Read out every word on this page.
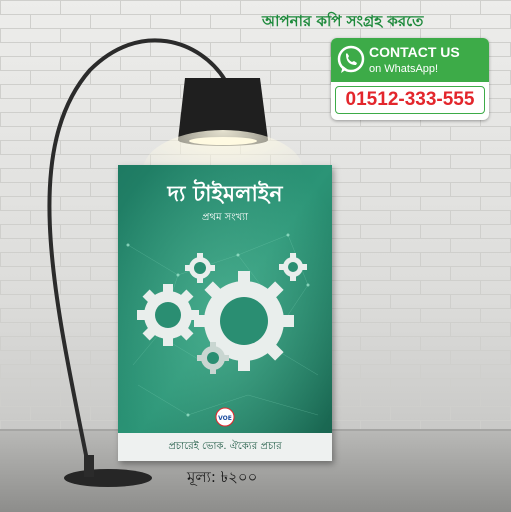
আপনার কপি সংগ্রহ করতে
CONTACT US
on WhatsApp!
01512-333-555
VOE
দ্য টাইমলাইন
প্রথম সংখ্যা
প্রচারেই ভোক. ঐক্যের প্রচার
মূল্য: ৳২০০
